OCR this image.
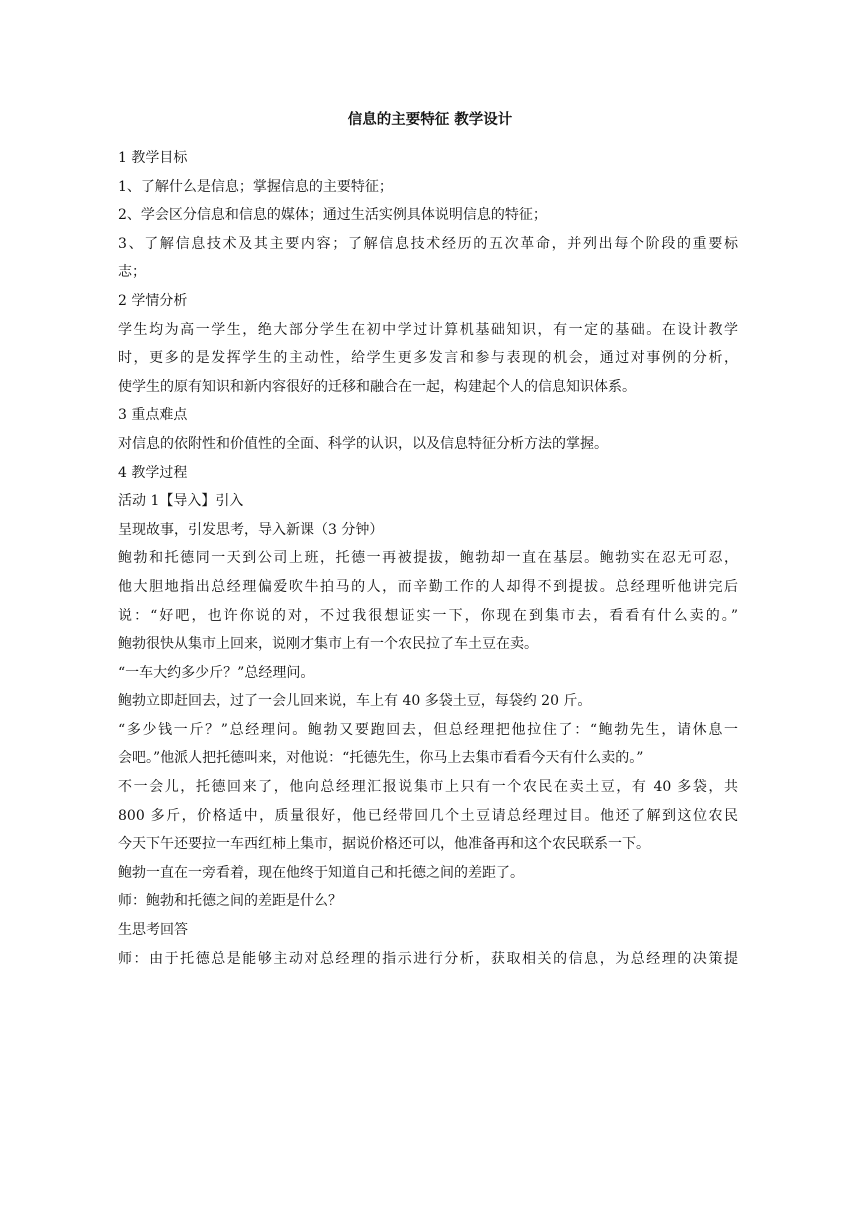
信息的主要特征 教学设计

1 教学目标

1、了解什么是信息；掌握信息的主要特征；

2、学会区分信息和信息的媒体；通过生活实例具体说明信息的特征；

3、了解信息技术及其主要内容；了解信息技术经历的五次革命，并列出每个阶段的重要标

志；

2 学情分析

学生均为高一学生，绝大部分学生在初中学过计算机基础知识，有一定的基础。在设计教学

时，更多的是发挥学生的主动性，给学生更多发言和参与表现的机会，通过对事例的分析，

使学生的原有知识和新内容很好的迁移和融合在一起，构建起个人的信息知识体系。

3 重点难点

对信息的依附性和价值性的全面、科学的认识，以及信息特征分析方法的掌握。

4 教学过程

活动 1【导入】引入

呈现故事，引发思考，导入新课（3 分钟）

鲍勃和托德同一天到公司上班，托德一再被提拔，鲍勃却一直在基层。鲍勃实在忍无可忍，

他大胆地指出总经理偏爱吹牛拍马的人，而辛勤工作的人却得不到提拔。总经理听他讲完后

说：“好吧，也许你说的对，不过我很想证实一下，你现在到集市去，看看有什么卖的。”

鲍勃很快从集市上回来，说刚才集市上有一个农民拉了车土豆在卖。

“一车大约多少斤？”总经理问。

鲍勃立即赶回去，过了一会儿回来说，车上有 40 多袋土豆，每袋约 20 斤。

“多少钱一斤？”总经理问。鲍勃又要跑回去，但总经理把他拉住了：“鲍勃先生，请休息一

会吧。”他派人把托德叫来，对他说：“托德先生，你马上去集市看看今天有什么卖的。”

不一会儿，托德回来了，他向总经理汇报说集市上只有一个农民在卖土豆，有 40 多袋，共

800 多斤，价格适中，质量很好，他已经带回几个土豆请总经理过目。他还了解到这位农民

今天下午还要拉一车西红柿上集市，据说价格还可以，他准备再和这个农民联系一下。

鲍勃一直在一旁看着，现在他终于知道自己和托德之间的差距了。

师：鲍勃和托德之间的差距是什么？

生思考回答

师：由于托德总是能够主动对总经理的指示进行分析，获取相关的信息，为总经理的决策提
